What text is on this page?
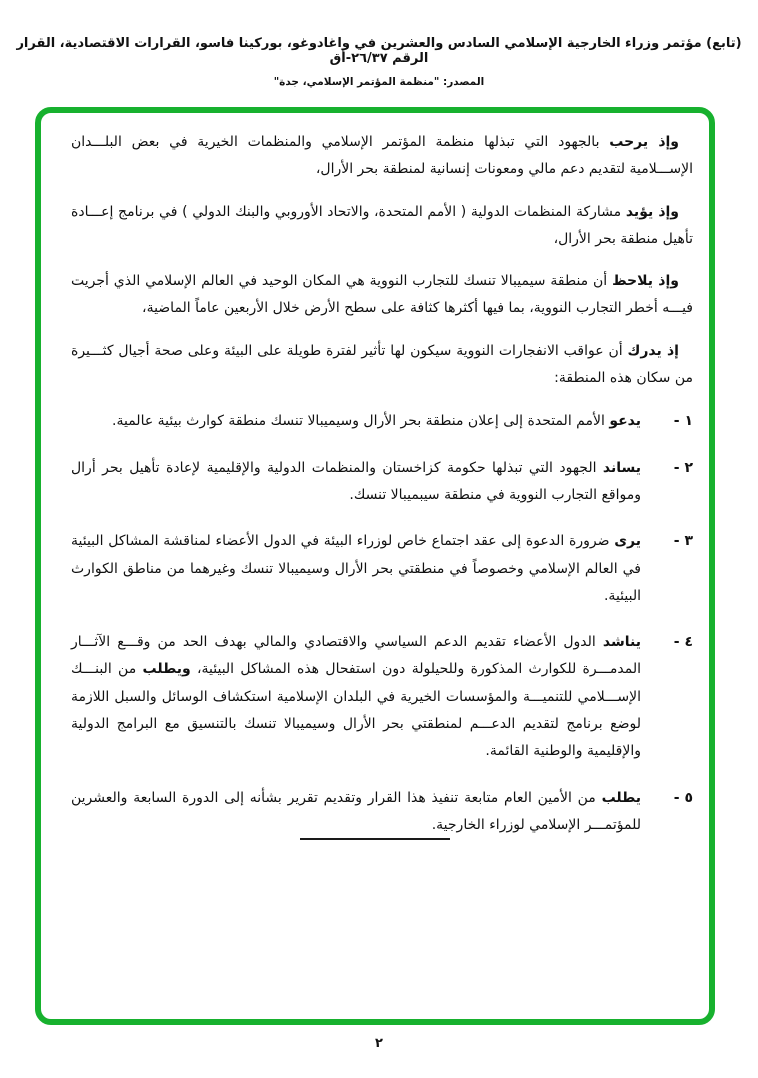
(تابع) مؤتمر وزراء الخارجية الإسلامي السادس والعشرين في واغادوغو، بوركينا فاسو، القرارات الاقتصادية، القرار الرقم ٢٦/٣٧-أق
المصدر: "منظمة المؤتمر الإسلامي، جدة"

وإذ يرحب بالجهود التي تبذلها منظمة المؤتمر الإسلامي والمنظمات الخيرية في بعض البلـــدان الإســـلامية لتقديم دعم مالي ومعونات إنسانية لمنطقة بحر الأرال،

وإذ يؤيد مشاركة المنظمات الدولية ( الأمم المتحدة، والاتحاد الأوروبي والبنك الدولي ) في برنامج إعـــادة تأهيل منطقة بحر الأرال،

وإذ يلاحظ أن منطقة سيميبالا تنسك للتجارب النووية هي المكان الوحيد في العالم الإسلامي الذي أجريت فيـــه أخطر التجارب النووية، بما فيها أكثرها كثافة على سطح الأرض خلال الأربعين عاماً الماضية،

إذ يدرك أن عواقب الانفجارات النووية سيكون لها تأثير لفترة طويلة على البيئة وعلى صحة أجيال كثـــيرة من سكان هذه المنطقة:

١ -
يدعو الأمم المتحدة إلى إعلان منطقة بحر الأرال وسيميبالا تنسك منطقة كوارث بيئية عالمية.
٢ -
يساند الجهود التي تبذلها حكومة كزاخستان والمنظمات الدولية والإقليمية لإعادة تأهيل بحر أرال ومواقع التجارب النووية في منطقة سيبميبالا تنسك.
٣ -
يرى ضرورة الدعوة إلى عقد اجتماع خاص لوزراء البيئة في الدول الأعضاء لمناقشة المشاكل البيئية في العالم الإسلامي وخصوصاً في منطقتي بحر الأرال وسيميبالا تنسك وغيرهما من مناطق الكوارث البيئية.
٤ -
يناشد الدول الأعضاء تقديم الدعم السياسي والاقتصادي والمالي بهدف الحد من وقـــع الآثـــار المدمـــرة للكوارث المذكورة وللحيلولة دون استفحال هذه المشاكل البيئية، ويطلب من البنـــك الإســـلامي للتنميـــة والمؤسسات الخيرية في البلدان الإسلامية استكشاف الوسائل والسبل اللازمة لوضع برنامج لتقديم الدعـــم لمنطقتي بحر الأرال وسيميبالا تنسك بالتنسيق مع البرامج الدولية والإقليمية والوطنية القائمة.
٥ -
يطلب من الأمين العام متابعة تنفيذ هذا القرار وتقديم تقرير بشأنه إلى الدورة السابعة والعشرين للمؤتمـــر الإسلامي لوزراء الخارجية.
٢
